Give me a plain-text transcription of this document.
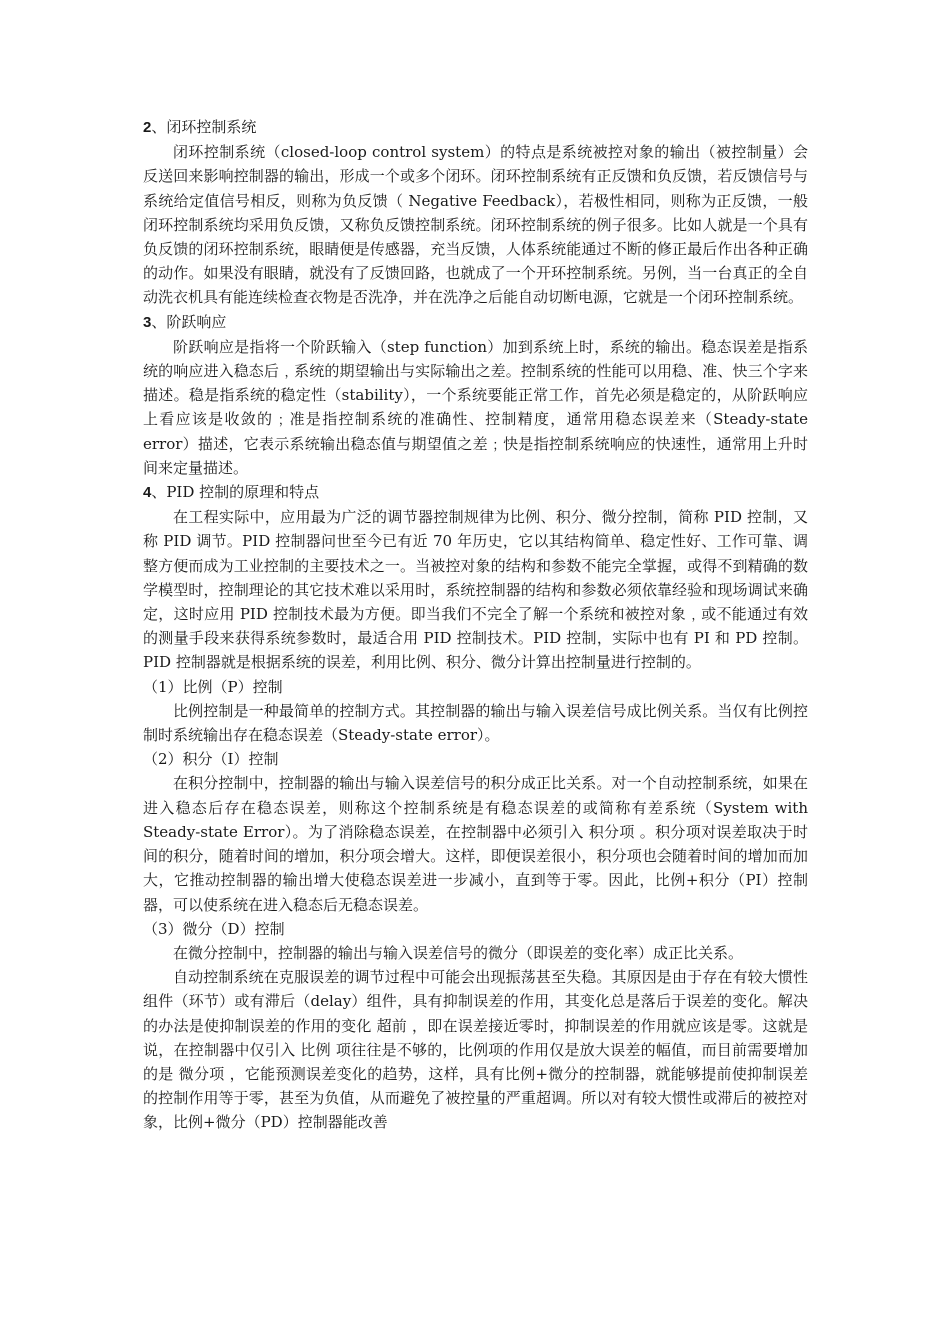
2、闭环控制系统

闭环控制系统（closed-loop control system）的特点是系统被控对象的输出（被控制量）会反送回来影响控制器的输出，形成一个或多个闭环。闭环控制系统有正反馈和负反馈，若反馈信号与系统给定值信号相反，则称为负反馈（ Negative Feedback），若极性相同，则称为正反馈，一般闭环控制系统均采用负反馈，又称负反馈控制系统。闭环控制系统的例子很多。比如人就是一个具有负反馈的闭环控制系统，眼睛便是传感器，充当反馈，人体系统能通过不断的修正最后作出各种正确的动作。如果没有眼睛，就没有了反馈回路，也就成了一个开环控制系统。另例，当一台真正的全自动洗衣机具有能连续检查衣物是否洗净，并在洗净之后能自动切断电源，它就是一个闭环控制系统。

3、阶跃响应

阶跃响应是指将一个阶跃输入（step function）加到系统上时，系统的输出。稳态误差是指系统的响应进入稳态后﹐系统的期望输出与实际输出之差。控制系统的性能可以用稳、准、快三个字来描述。稳是指系统的稳定性（stability），一个系统要能正常工作，首先必须是稳定的，从阶跃响应上看应该是收敛的﹔准是指控制系统的准确性、控制精度，通常用稳态误差来（Steady-state error）描述，它表示系统输出稳态值与期望值之差﹔快是指控制系统响应的快速性，通常用上升时间来定量描述。

4、PID 控制的原理和特点

在工程实际中，应用最为广泛的调节器控制规律为比例、积分、微分控制，简称 PID 控制，又称 PID 调节。PID 控制器问世至今已有近 70 年历史，它以其结构简单、稳定性好、工作可靠、调整方便而成为工业控制的主要技术之一。当被控对象的结构和参数不能完全掌握，或得不到精确的数学模型时，控制理论的其它技术难以采用时，系统控制器的结构和参数必须依靠经验和现场调试来确定，这时应用 PID 控制技术最为方便。即当我们不完全了解一个系统和被控对象﹐或不能通过有效的测量手段来获得系统参数时，最适合用 PID 控制技术。PID 控制，实际中也有 PI 和 PD 控制。PID 控制器就是根据系统的误差，利用比例、积分、微分计算出控制量进行控制的。

（1）比例（P）控制

比例控制是一种最简单的控制方式。其控制器的输出与输入误差信号成比例关系。当仅有比例控制时系统输出存在稳态误差（Steady-state error）。

（2）积分（I）控制

在积分控制中，控制器的输出与输入误差信号的积分成正比关系。对一个自动控制系统，如果在进入稳态后存在稳态误差，则称这个控制系统是有稳态误差的或简称有差系统（System with Steady-state Error）。为了消除稳态误差，在控制器中必须引入 积分项 。积分项对误差取决于时间的积分，随着时间的增加，积分项会增大。这样，即便误差很小，积分项也会随着时间的增加而加大，它推动控制器的输出增大使稳态误差进一步减小，直到等于零。因此，比例+积分（PI）控制器，可以使系统在进入稳态后无稳态误差。

（3）微分（D）控制

在微分控制中，控制器的输出与输入误差信号的微分（即误差的变化率）成正比关系。

自动控制系统在克服误差的调节过程中可能会出现振荡甚至失稳。其原因是由于存在有较大惯性组件（环节）或有滞后（delay）组件，具有抑制误差的作用，其变化总是落后于误差的变化。解决的办法是使抑制误差的作用的变化 超前 ，即在误差接近零时，抑制误差的作用就应该是零。这就是说，在控制器中仅引入 比例 项往往是不够的，比例项的作用仅是放大误差的幅值，而目前需要增加的是 微分项 ，它能预测误差变化的趋势，这样，具有比例+微分的控制器，就能够提前使抑制误差的控制作用等于零，甚至为负值，从而避免了被控量的严重超调。所以对有较大惯性或滞后的被控对象，比例+微分（PD）控制器能改善
